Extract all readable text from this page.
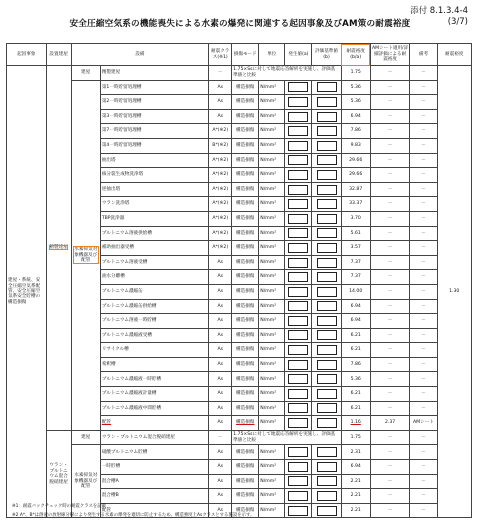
添付 8.1.3.4-4
(3/7)
安全圧縮空気系の機能喪失による水素の爆発に関連する起因事象及びAM策の耐震裕度
起因事象	設置建屋	設備		耐震クラス(※1)	損傷モード	単位	発生値(a)	評価基準値(b)	耐震裕度(b/a)	AMシート適用/詳細評価による耐震裕度	備考	耐震裕度
建屋・系統、安全圧縮空気系配管、安全圧縮空気系安全貯槽の構造損傷	精製建屋	建屋	精製建屋	－	1.75×Ssに対して地震応答解析を実施し、評価基準値と比較				1.75	－	－	1.30
		水素掃気対象機器及び配管	第1一時貯留処理槽	As	構造損傷	N/mm²			5.36	－	－	
			第2一時貯留処理槽	As	構造損傷	N/mm²			5.36	－	－	
			第3一時貯留処理槽	As	構造損傷	N/mm²			6.94	－	－	
			第7一時貯留処理槽	A*(※2)	構造損傷	N/mm²			7.86	－	－	
			第4一時貯留処理槽	B*(※2)	構造損傷	N/mm²			9.83	－	－	
			抽出塔	A*(※2)	構造損傷	N/mm²			29.66	－	－	
			核分裂生成物洗浄塔	A*(※2)	構造損傷	N/mm²			29.66	－	－	
			逆抽出塔	A*(※2)	構造損傷	N/mm²			32.87	－	－	
			ウラン洗浄塔	A*(※2)	構造損傷	N/mm²			33.37	－	－	
			TBP洗浄器	A*(※2)	構造損傷	N/mm²			3.70	－	－	
			プルトニウム溶液供給槽	A*(※2)	構造損傷	N/mm²			5.61	－	－	
			補助抽出器受槽	A*(※2)	構造損傷	N/mm²			3.57	－	－	
			プルトニウム溶液受槽	As	構造損傷	N/mm²			7.37	－	－	
			油水分離槽	As	構造損傷	N/mm²			7.37	－	－	
			プルトニウム濃縮缶	As	構造損傷	N/mm²			14.00	－	－	
			プルトニウム濃縮缶供給槽	As	構造損傷	N/mm²			6.94	－	－	
			プルトニウム溶液一時貯槽	As	構造損傷	N/mm²			6.94	－	－	
			プルトニウム濃縮液受槽	As	構造損傷	N/mm²			6.21	－	－	
			リサイクル槽	As	構造損傷	N/mm²			6.21	－	－	
			希釈槽	As	構造損傷	N/mm²			7.86	－	－	
			プルトニウム濃縮液一時貯槽	As	構造損傷	N/mm²			5.36	－	－	
			プルトニウム濃縮液計量槽	As	構造損傷	N/mm²			6.21	－	－	
			プルトニウム濃縮液中間貯槽	As	構造損傷	N/mm²			6.21	－	－	
			配管	As	構造損傷	N/mm²			1.16	2.37	AMシート	
	ウラン・プルトニウム混合脱硝建屋	建屋	ウラン・プルトニウム混合脱硝建屋	－	1.75×Ssに対して地震応答解析を実施し、評価基準値と比較				1.75	－	－	
		水素掃気対象機器及び配管	硝酸プルトニウム貯槽	As	構造損傷	N/mm²			2.31	－	－	
			一時貯槽	As	構造損傷	N/mm²			6.94	－	－	
			混合槽A	As	構造損傷	N/mm²			2.21	－	－	
			混合槽B	As	構造損傷	N/mm²			2.21	－	－	
			配管	As	構造損傷	N/mm²			2.21	－	－	
※1：耐震バックチェック時の耐震クラスを記載
※2 A*、B*は溶液の放射線分解により発生する水素の爆発を適切に防止するため、構造強度上Asクラスとする施設を示す。
